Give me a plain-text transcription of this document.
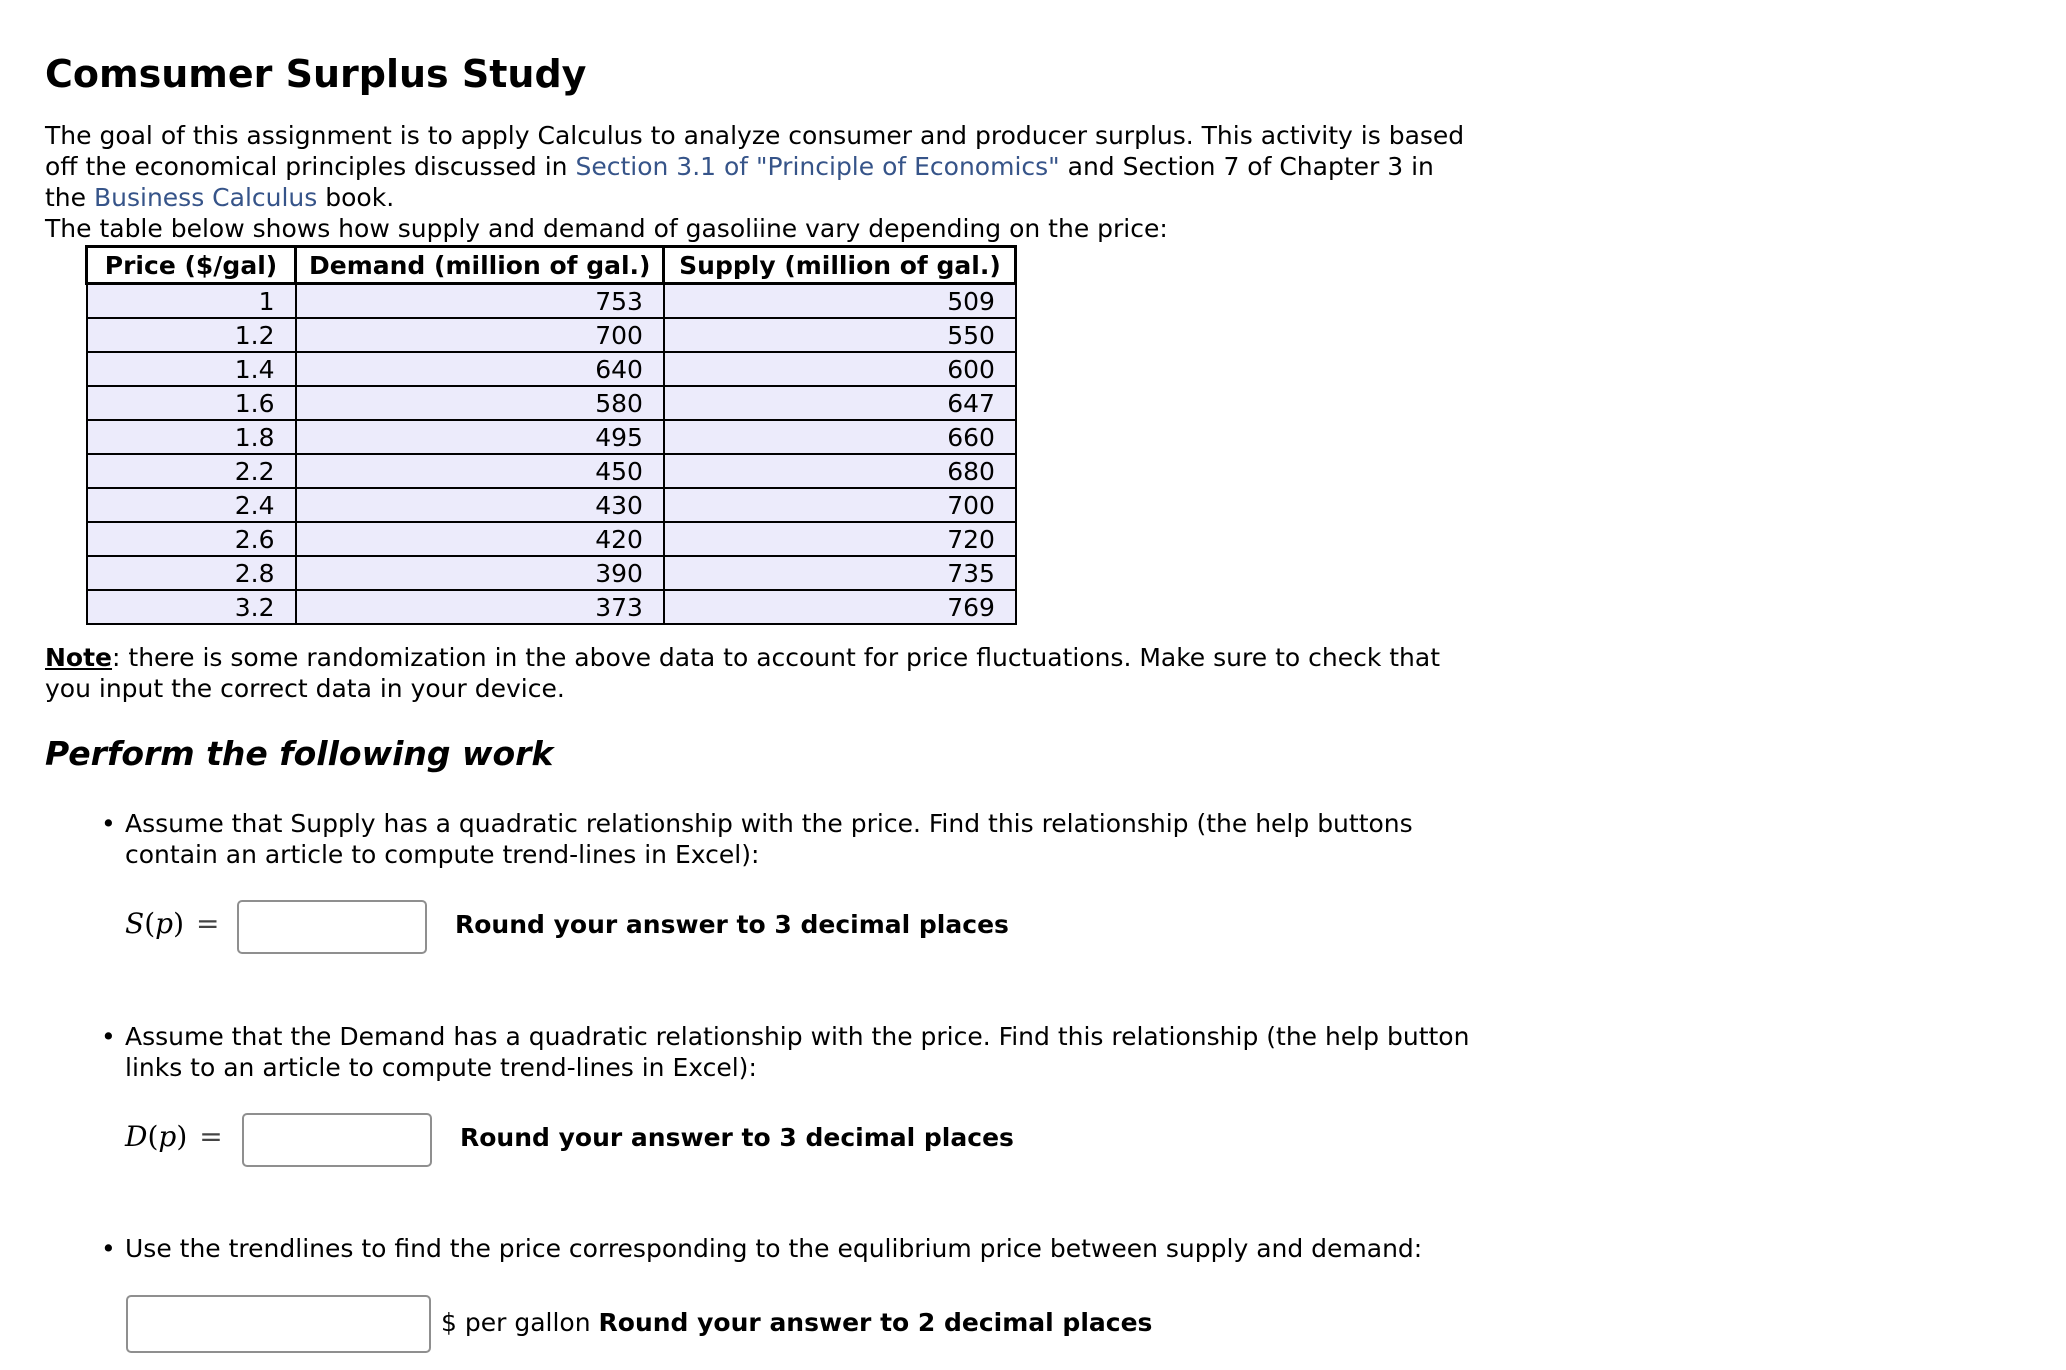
Comsumer Surplus Study

The goal of this assignment is to apply Calculus to analyze consumer and producer surplus. This activity is based off the economical principles discussed in Section 3.1 of "Principle of Economics" and Section 7 of Chapter 3 in the Business Calculus book.

The table below shows how supply and demand of gasoliine vary depending on the price:

Price ($/gal)	Demand (million of gal.)	Supply (million of gal.)
1	753	509
1.2	700	550
1.4	640	600
1.6	580	647
1.8	495	660
2.2	450	680
2.4	430	700
2.6	420	720
2.8	390	735
3.2	373	769
Note: there is some randomization in the above data to account for price fluctuations. Make sure to check that you input the correct data in your device.
Perform the following work
• Assume that Supply has a quadratic relationship with the price. Find this relationship (the help buttons contain an article to compute trend-lines in Excel):
S(p) =	Round your answer to 3 decimal places
• Assume that the Demand has a quadratic relationship with the price. Find this relationship (the help button links to an article to compute trend-lines in Excel):
D(p) =	Round your answer to 3 decimal places
• Use the trendlines to find the price corresponding to the equlibrium price between supply and demand:
$ per gallon Round your answer to 2 decimal places
